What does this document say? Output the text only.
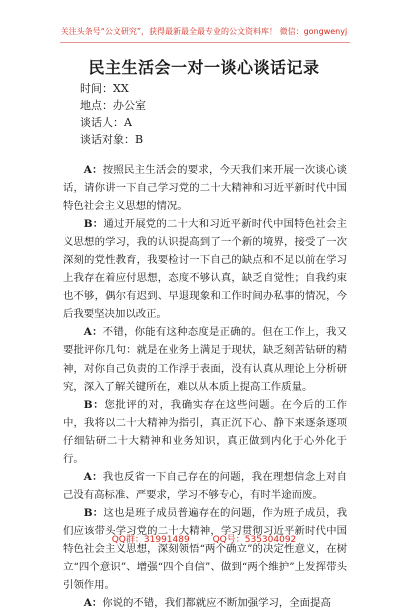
关注头条号“公文研究”，获得最新最全最专业的公文资料库！ 微信：gongwenyj
民主生活会一对一谈心谈话记录
时间：XX
地点：办公室
谈话人：A
谈话对象：B

A：按照民主生活会的要求，今天我们来开展一次谈心谈话，请你讲一下自己学习党的二十大精神和习近平新时代中国特色社会主义思想的情况。

B：通过开展党的二十大和习近平新时代中国特色社会主义思想的学习，我的认识提高到了一个新的境界，接受了一次深刻的党性教育，我要检讨一下自己的缺点和不足以前在学习上我存在着应付思想，态度不够认真，缺乏自觉性；自我约束也不够，偶尔有迟到、早退现象和工作时间办私事的情况，今后我要坚决加以改正。

A：不错，你能有这种态度是正确的。但在工作上，我又要批评你几句：就是在业务上满足于现状，缺乏刻苦钻研的精神，对你自己负责的工作浮于表面，没有认真从理论上分析研究，深入了解关键所在，难以从本质上提高工作质量。

B：您批评的对，我确实存在这些问题。在今后的工作中，我将以二十大精神为指引，真正沉下心、静下来逐条逐项仔细钻研二十大精神和业务知识，真正做到内化于心外化于行。

A：我也反省一下自己存在的问题，我在理想信念上对自己没有高标准、严要求，学习不够专心，有时半途而废。

B：这也是班子成员普遍存在的问题，作为班子成员，我们应该带头学习党的二十大精神，学习贯彻习近平新时代中国特色社会主义思想，深刻领悟“两个确立”的决定性意义，在树立“四个意识”、增强“四个自信”、做到“两个维护”上发挥带头引领作用。

A：你说的不错，我们都就应不断加强学习，全面提高

QQ群：31991489	QQ号：535304092
